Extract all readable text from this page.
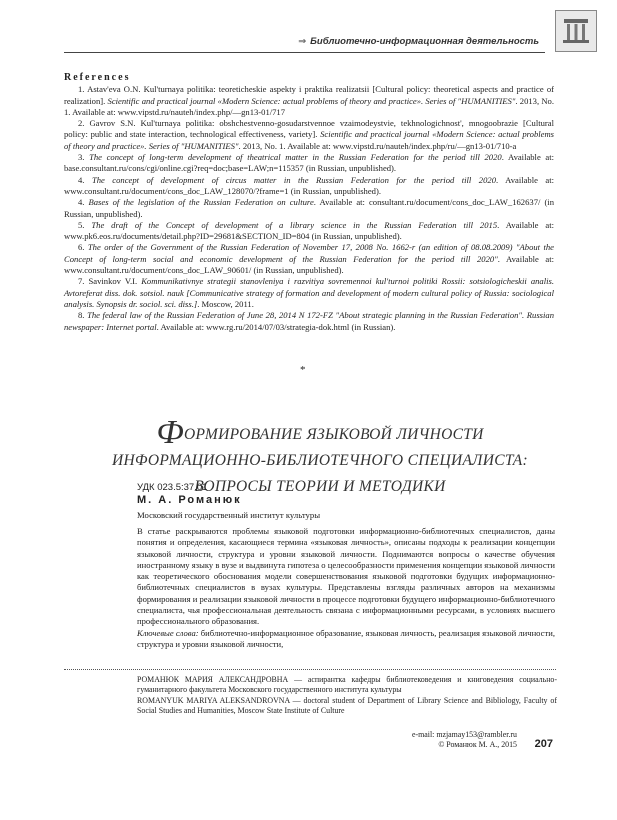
⇒ Библиотечно-информационная деятельность
References

1. Astav'eva O.N. Kul'turnaya politika: teoreticheskie aspekty i praktika realizatsii [Cultural policy: theoretical aspects and practice of realization]. Scientific and practical journal «Modern Science: actual problems of theory and practice». Series of "HUMANITIES". 2013, No. 1. Available at: www.vipstd.ru/nauteh/index.php/—gn13-01/717

2. Gavrov S.N. Kul'turnaya politika: obshchestvenno-gosudarstvennoe vzaimodeystvie, tekhnologichnost', mnogoobrazie [Cultural policy: public and state interaction, technological effectiveness, variety]. Scientific and practical journal «Modern Science: actual problems of theory and practice». Series of "HUMANITIES". 2013, No. 1. Available at: www.vipstd.ru/nauteh/index.php/ru/—gn13-01/710-a

3. The concept of long-term development of theatrical matter in the Russian Federation for the period till 2020. Available at: base.consultant.ru/cons/cgi/online.cgi?req=doc;base=LAW;n=115357 (in Russian, unpublished).

4. The concept of development of circus matter in the Russian Federation for the period till 2020. Available at: www.consultant.ru/document/cons_doc_LAW_128070/?frame=1 (in Russian, unpublished).

4. Bases of the legislation of the Russian Federation on culture. Available at: consultant.ru/document/cons_doc_LAW_162637/ (in Russian, unpublished).

5. The draft of the Concept of development of a library science in the Russian Federation till 2015. Available at: www.pk6.eos.ru/documents/detail.php?ID=29681&SECTION_ID=804 (in Russian, unpublished).

6. The order of the Government of the Russian Federation of November 17, 2008 No. 1662-r (an edition of 08.08.2009) "About the Concept of long-term social and economic development of the Russian Federation for the period till 2020". Available at: www.consultant.ru/document/cons_doc_LAW_90601/ (in Russian, unpublished).

7. Savinkov V.I. Kommunikativnye strategii stanovleniya i razvitiya sovremennoi kul'turnoi politiki Rossii: sotsiologicheskii analis. Avtoreferat diss. dok. sotsiol. nauk [Communicative strategy of formation and development of modern cultural policy of Russia: sociological analysis. Synopsis dr. sociol. sci. diss.]. Moscow, 2011.

8. The federal law of the Russian Federation of June 28, 2014 N 172-FZ "About strategic planning in the Russian Federation". Russian newspaper: Internet portal. Available at: www.rg.ru/2014/07/03/strategia-dok.html (in Russian).

*
ФОРМИРОВАНИЕ ЯЗЫКОВОЙ ЛИЧНОСТИ ИНФОРМАЦИОННО-БИБЛИОТЕЧНОГО СПЕЦИАЛИСТА: ВОПРОСЫ ТЕОРИИ И МЕТОДИКИ
УДК 023.5:37.01
М. А. Романюк
Московский государственный институт культуры

В статье раскрываются проблемы языковой подготовки информационно-библиотечных специалистов, даны понятия и определения, касающиеся термина «языковая личность», описаны подходы к реализации концепции языковой личности, структура и уровни языковой личности. Поднимаются вопросы о качестве обучения иностранному языку в вузе и выдвинута гипотеза о целесообразности применения концепции языковой личности как теоретического обоснования модели совершенствования языковой подготовки будущих информационно-библиотечных специалистов в вузах культуры. Представлены взгляды различных авторов на механизмы формирования и реализации языковой личности в процессе подготовки будущего информационно-библиотечного специалиста, чья профессиональная деятельность связана с информационными ресурсами, в условиях высшего профессионального образования.

Ключевые слова: библиотечно-информационное образование, языковая личность, реализация языковой личности, структура и уровни языковой личности,

РОМАНЮК МАРИЯ АЛЕКСАНДРОВНА — аспирантка кафедры библиотековедения и книговедения социально-гуманитарного факультета Московского государственного института культуры

ROMANYUK MARIYA ALEKSANDROVNA — doctoral student of Department of Library Science and Bibliology, Faculty of Social Studies and Humanities, Moscow State Institute of Culture

e-mail: mzjamay153@rambler.ru
© Романюк М. А., 2015 207
